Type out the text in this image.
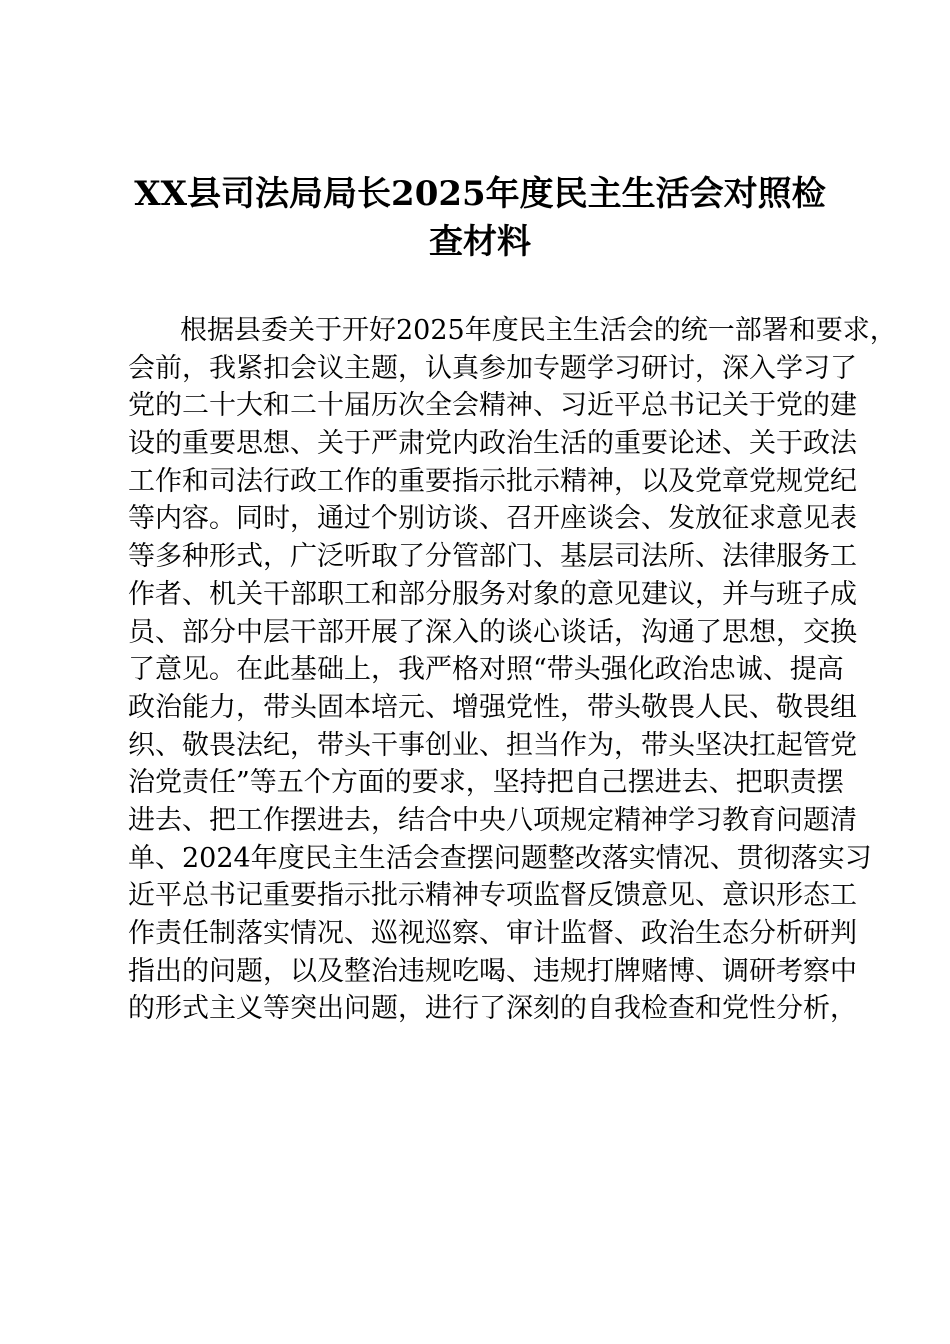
XX县司法局局长2025年度民主生活会对照检
查材料
根据县委关于开好2025年度民主生活会的统一部署和要求，
会前，我紧扣会议主题，认真参加专题学习研讨，深入学习了
党的二十大和二十届历次全会精神、习近平总书记关于党的建
设的重要思想、关于严肃党内政治生活的重要论述、关于政法
工作和司法行政工作的重要指示批示精神，以及党章党规党纪
等内容。同时，通过个别访谈、召开座谈会、发放征求意见表
等多种形式，广泛听取了分管部门、基层司法所、法律服务工
作者、机关干部职工和部分服务对象的意见建议，并与班子成
员、部分中层干部开展了深入的谈心谈话，沟通了思想，交换
了意见。在此基础上，我严格对照“带头强化政治忠诚、提高
政治能力，带头固本培元、增强党性，带头敬畏人民、敬畏组
织、敬畏法纪，带头干事创业、担当作为，带头坚决扛起管党
治党责任”等五个方面的要求，坚持把自己摆进去、把职责摆
进去、把工作摆进去，结合中央八项规定精神学习教育问题清
单、2024年度民主生活会查摆问题整改落实情况、贯彻落实习
近平总书记重要指示批示精神专项监督反馈意见、意识形态工
作责任制落实情况、巡视巡察、审计监督、政治生态分析研判
指出的问题，以及整治违规吃喝、违规打牌赌博、调研考察中
的形式主义等突出问题，进行了深刻的自我检查和党性分析，
